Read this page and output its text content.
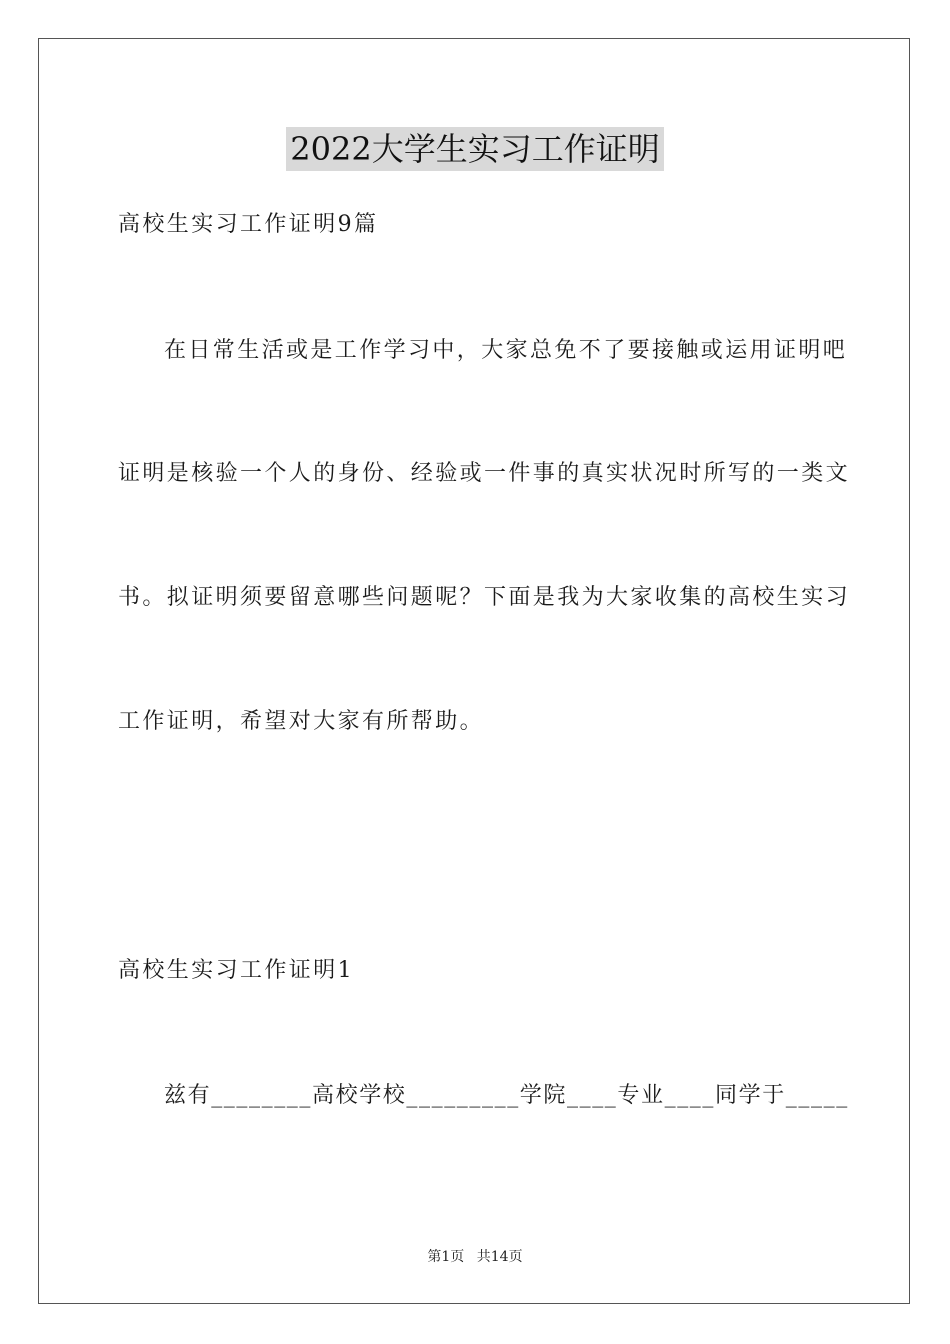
2022大学生实习工作证明
高校生实习工作证明9篇
在日常生活或是工作学习中，大家总免不了要接触或运用证明吧
证明是核验一个人的身份、经验或一件事的真实状况时所写的一类文
书。拟证明须要留意哪些问题呢？下面是我为大家收集的高校生实习
工作证明，希望对大家有所帮助。
高校生实习工作证明1
兹有________高校学校_________学院____专业____同学于_____
第1页 共14页
